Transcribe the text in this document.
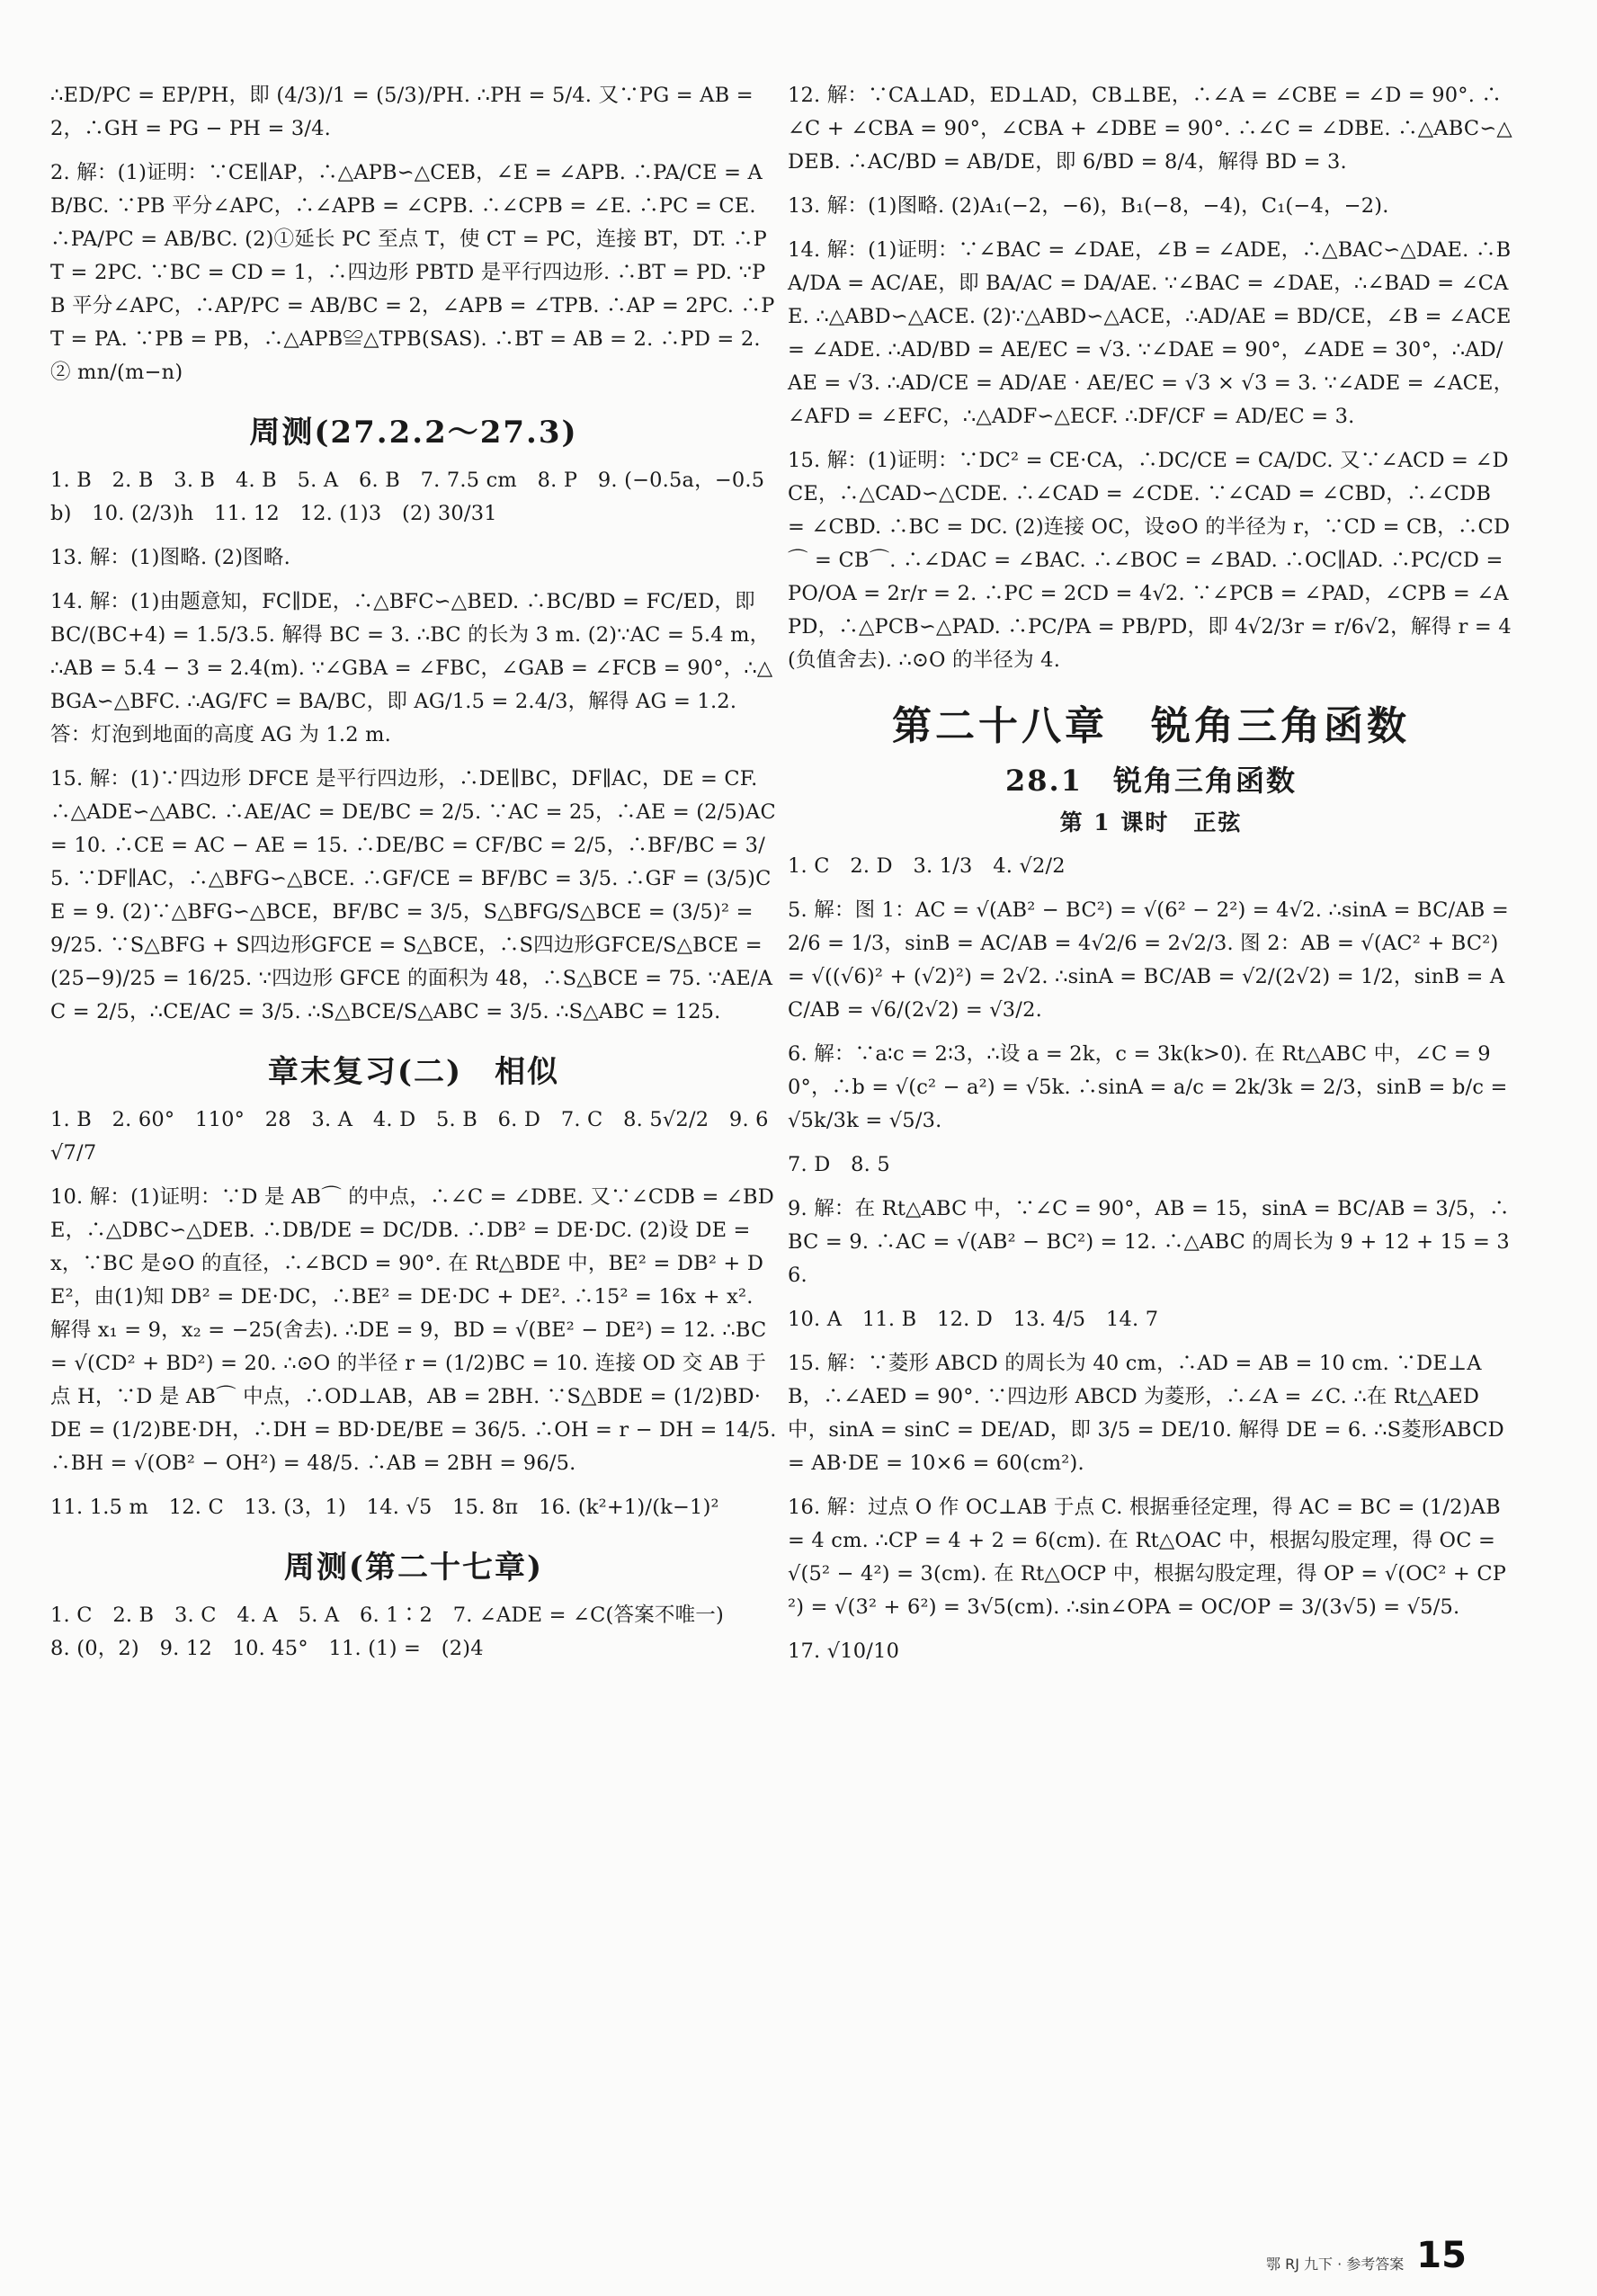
∴ED/PC = EP/PH，即 (4/3)/1 = (5/3)/PH. ∴PH = 5/4. 又∵PG = AB = 2，∴GH = PG − PH = 3/4.

2. 解：(1)证明：∵CE∥AP，∴△APB∽△CEB，∠E = ∠APB. ∴PA/CE = AB/BC. ∵PB 平分∠APC，∴∠APB = ∠CPB. ∴∠CPB = ∠E. ∴PC = CE. ∴PA/PC = AB/BC. (2)①延长 PC 至点 T，使 CT = PC，连接 BT，DT. ∴PT = 2PC. ∵BC = CD = 1，∴四边形 PBTD 是平行四边形. ∴BT = PD. ∵PB 平分∠APC，∴AP/PC = AB/BC = 2，∠APB = ∠TPB. ∴AP = 2PC. ∴PT = PA. ∵PB = PB，∴△APB≌△TPB(SAS). ∴BT = AB = 2. ∴PD = 2. ② mn/(m−n)

周测(27.2.2～27.3)

1. B　2. B　3. B　4. B　5. A　6. B　7. 7.5 cm　8. P　9. (−0.5a，−0.5b)　10. (2/3)h　11. 12　12. (1)3　(2) 30/31

13. 解：(1)图略. (2)图略.

14. 解：(1)由题意知，FC∥DE，∴△BFC∽△BED. ∴BC/BD = FC/ED，即 BC/(BC+4) = 1.5/3.5. 解得 BC = 3. ∴BC 的长为 3 m. (2)∵AC = 5.4 m，∴AB = 5.4 − 3 = 2.4(m). ∵∠GBA = ∠FBC，∠GAB = ∠FCB = 90°，∴△BGA∽△BFC. ∴AG/FC = BA/BC，即 AG/1.5 = 2.4/3，解得 AG = 1.2. 答：灯泡到地面的高度 AG 为 1.2 m.

15. 解：(1)∵四边形 DFCE 是平行四边形，∴DE∥BC，DF∥AC，DE = CF. ∴△ADE∽△ABC. ∴AE/AC = DE/BC = 2/5. ∵AC = 25，∴AE = (2/5)AC = 10. ∴CE = AC − AE = 15. ∴DE/BC = CF/BC = 2/5，∴BF/BC = 3/5. ∵DF∥AC，∴△BFG∽△BCE. ∴GF/CE = BF/BC = 3/5. ∴GF = (3/5)CE = 9. (2)∵△BFG∽△BCE，BF/BC = 3/5，S△BFG/S△BCE = (3/5)² = 9/25. ∵S△BFG + S四边形GFCE = S△BCE，∴S四边形GFCE/S△BCE = (25−9)/25 = 16/25. ∵四边形 GFCE 的面积为 48，∴S△BCE = 75. ∵AE/AC = 2/5，∴CE/AC = 3/5. ∴S△BCE/S△ABC = 3/5. ∴S△ABC = 125.

章末复习(二)　相似

1. B　2. 60°　110°　28　3. A　4. D　5. B　6. D　7. C　8. 5√2/2　9. 6√7/7

10. 解：(1)证明：∵D 是 AB⌒ 的中点，∴∠C = ∠DBE. 又∵∠CDB = ∠BDE，∴△DBC∽△DEB. ∴DB/DE = DC/DB. ∴DB² = DE·DC. (2)设 DE = x，∵BC 是⊙O 的直径，∴∠BCD = 90°. 在 Rt△BDE 中，BE² = DB² + DE²，由(1)知 DB² = DE·DC，∴BE² = DE·DC + DE². ∴15² = 16x + x². 解得 x₁ = 9，x₂ = −25(舍去). ∴DE = 9，BD = √(BE² − DE²) = 12. ∴BC = √(CD² + BD²) = 20. ∴⊙O 的半径 r = (1/2)BC = 10. 连接 OD 交 AB 于点 H，∵D 是 AB⌒ 中点，∴OD⊥AB，AB = 2BH. ∵S△BDE = (1/2)BD·DE = (1/2)BE·DH，∴DH = BD·DE/BE = 36/5. ∴OH = r − DH = 14/5. ∴BH = √(OB² − OH²) = 48/5. ∴AB = 2BH = 96/5.

11. 1.5 m　12. C　13. (3，1)　14. √5　15. 8π　16. (k²+1)/(k−1)²

周测(第二十七章)

1. C　2. B　3. C　4. A　5. A　6. 1∶2　7. ∠ADE = ∠C(答案不唯一)

8. (0，2)　9. 12　10. 45°　11. (1) =　(2)4

12. 解：∵CA⊥AD，ED⊥AD，CB⊥BE，∴∠A = ∠CBE = ∠D = 90°. ∴∠C + ∠CBA = 90°，∠CBA + ∠DBE = 90°. ∴∠C = ∠DBE. ∴△ABC∽△DEB. ∴AC/BD = AB/DE，即 6/BD = 8/4，解得 BD = 3.

13. 解：(1)图略. (2)A₁(−2，−6)，B₁(−8，−4)，C₁(−4，−2).

14. 解：(1)证明：∵∠BAC = ∠DAE，∠B = ∠ADE，∴△BAC∽△DAE. ∴BA/DA = AC/AE，即 BA/AC = DA/AE. ∵∠BAC = ∠DAE，∴∠BAD = ∠CAE. ∴△ABD∽△ACE. (2)∵△ABD∽△ACE，∴AD/AE = BD/CE，∠B = ∠ACE = ∠ADE. ∴AD/BD = AE/EC = √3. ∵∠DAE = 90°，∠ADE = 30°，∴AD/AE = √3. ∴AD/CE = AD/AE · AE/EC = √3 × √3 = 3. ∵∠ADE = ∠ACE，∠AFD = ∠EFC，∴△ADF∽△ECF. ∴DF/CF = AD/EC = 3.

15. 解：(1)证明：∵DC² = CE·CA，∴DC/CE = CA/DC. 又∵∠ACD = ∠DCE，∴△CAD∽△CDE. ∴∠CAD = ∠CDE. ∵∠CAD = ∠CBD，∴∠CDB = ∠CBD. ∴BC = DC. (2)连接 OC，设⊙O 的半径为 r，∵CD = CB，∴CD⌒ = CB⌒. ∴∠DAC = ∠BAC. ∴∠BOC = ∠BAD. ∴OC∥AD. ∴PC/CD = PO/OA = 2r/r = 2. ∴PC = 2CD = 4√2. ∵∠PCB = ∠PAD，∠CPB = ∠APD，∴△PCB∽△PAD. ∴PC/PA = PB/PD，即 4√2/3r = r/6√2，解得 r = 4(负值舍去). ∴⊙O 的半径为 4.

第二十八章　锐角三角函数
28.1　锐角三角函数
第 1 课时　正弦

1. C　2. D　3. 1/3　4. √2/2

5. 解：图 1：AC = √(AB² − BC²) = √(6² − 2²) = 4√2. ∴sinA = BC/AB = 2/6 = 1/3，sinB = AC/AB = 4√2/6 = 2√2/3. 图 2：AB = √(AC² + BC²) = √((√6)² + (√2)²) = 2√2. ∴sinA = BC/AB = √2/(2√2) = 1/2，sinB = AC/AB = √6/(2√2) = √3/2.

6. 解：∵a∶c = 2∶3，∴设 a = 2k，c = 3k(k>0). 在 Rt△ABC 中，∠C = 90°，∴b = √(c² − a²) = √5k. ∴sinA = a/c = 2k/3k = 2/3，sinB = b/c = √5k/3k = √5/3.

7. D　8. 5

9. 解：在 Rt△ABC 中，∵∠C = 90°，AB = 15，sinA = BC/AB = 3/5，∴BC = 9. ∴AC = √(AB² − BC²) = 12. ∴△ABC 的周长为 9 + 12 + 15 = 36.

10. A　11. B　12. D　13. 4/5　14. 7

15. 解：∵菱形 ABCD 的周长为 40 cm，∴AD = AB = 10 cm. ∵DE⊥AB，∴∠AED = 90°. ∵四边形 ABCD 为菱形，∴∠A = ∠C. ∴在 Rt△AED 中，sinA = sinC = DE/AD，即 3/5 = DE/10. 解得 DE = 6. ∴S菱形ABCD = AB·DE = 10×6 = 60(cm²).

16. 解：过点 O 作 OC⊥AB 于点 C. 根据垂径定理，得 AC = BC = (1/2)AB = 4 cm. ∴CP = 4 + 2 = 6(cm). 在 Rt△OAC 中，根据勾股定理，得 OC = √(5² − 4²) = 3(cm). 在 Rt△OCP 中，根据勾股定理，得 OP = √(OC² + CP²) = √(3² + 6²) = 3√5(cm). ∴sin∠OPA = OC/OP = 3/(3√5) = √5/5.

17. √10/10

鄂 RJ 九下 · 参考答案 15
